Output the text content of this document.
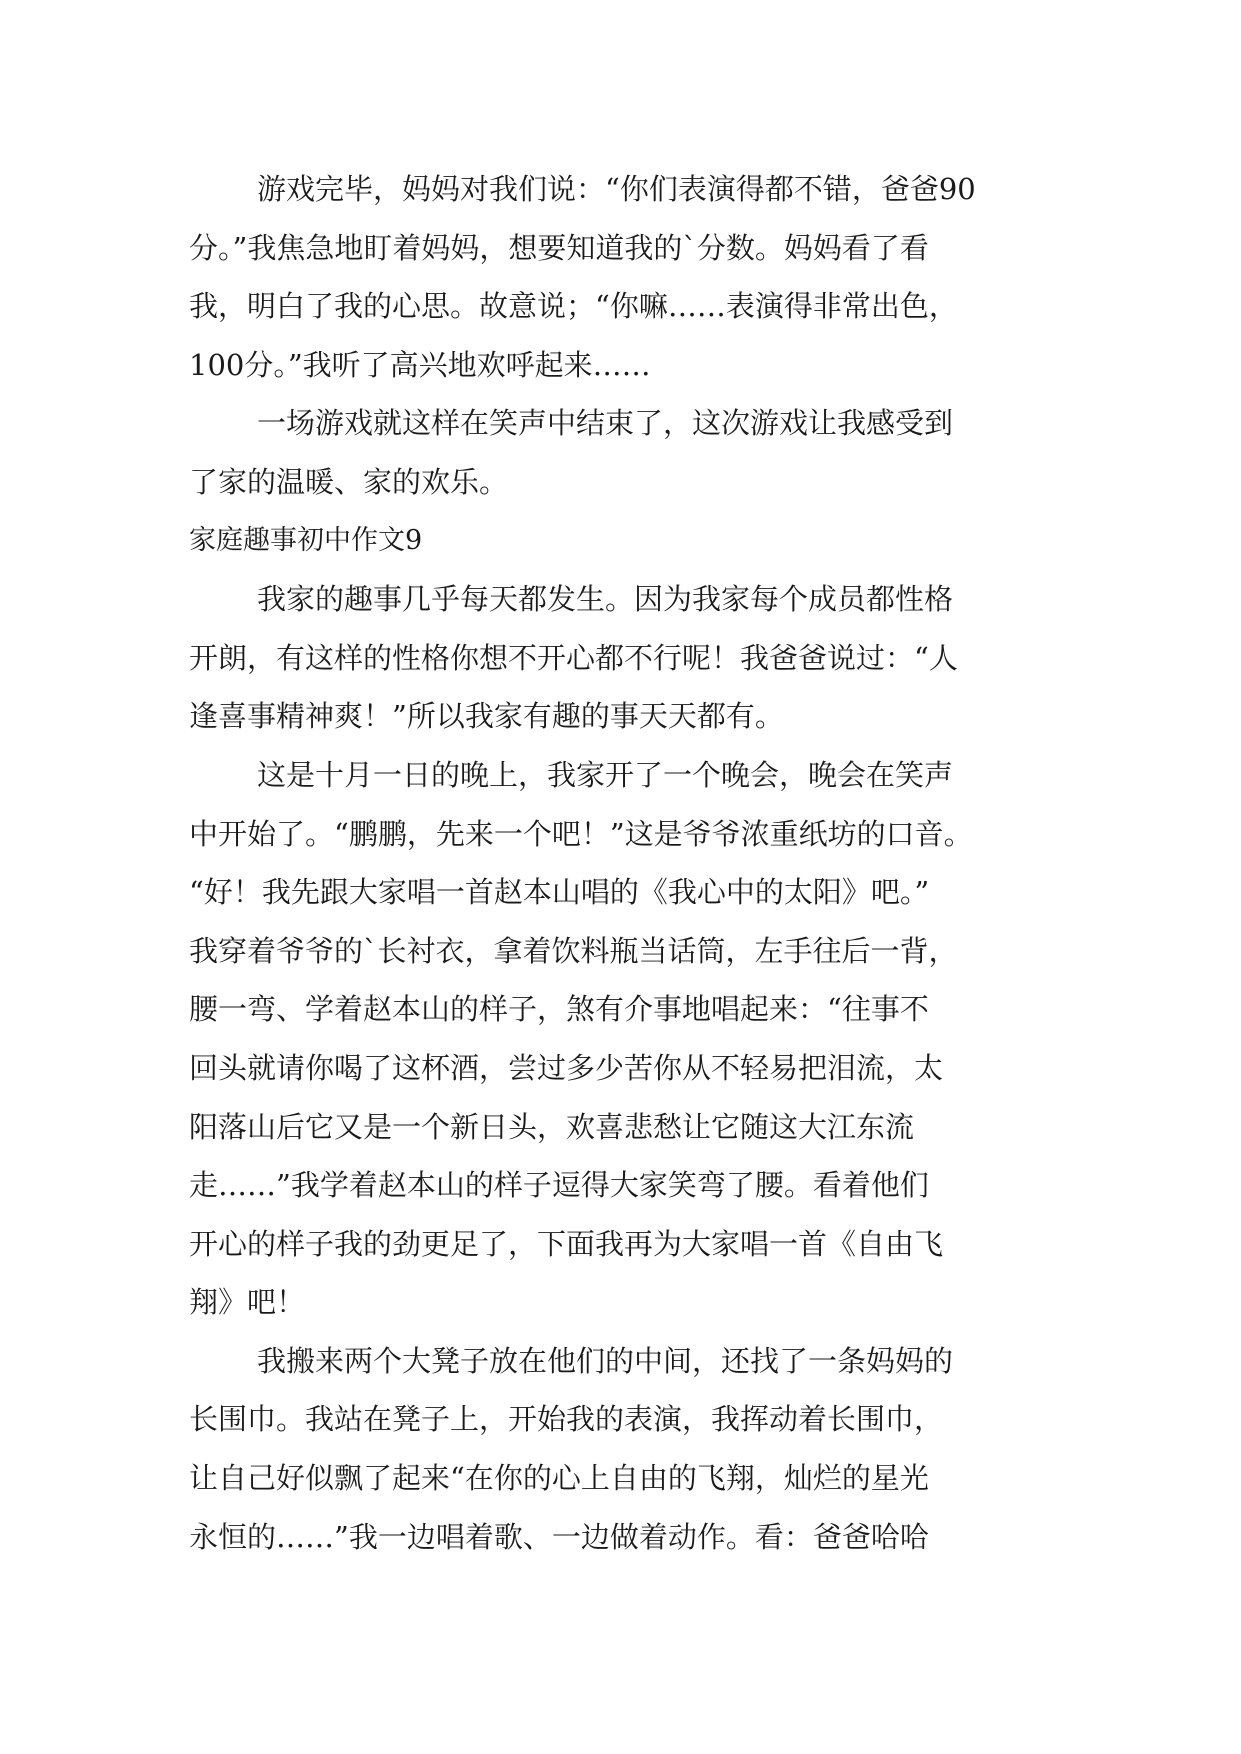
游戏完毕，妈妈对我们说：“你们表演得都不错，爸爸90
分。”我焦急地盯着妈妈，想要知道我的`分数。妈妈看了看
我，明白了我的心思。故意说；“你嘛……表演得非常出色，
100分。”我听了高兴地欢呼起来……
一场游戏就这样在笑声中结束了，这次游戏让我感受到
了家的温暖、家的欢乐。
家庭趣事初中作文9
我家的趣事几乎每天都发生。因为我家每个成员都性格
开朗，有这样的性格你想不开心都不行呢！我爸爸说过：“人
逢喜事精神爽！”所以我家有趣的事天天都有。
这是十月一日的晚上，我家开了一个晚会，晚会在笑声
中开始了。“鹏鹏，先来一个吧！”这是爷爷浓重纸坊的口音。
“好！我先跟大家唱一首赵本山唱的《我心中的太阳》吧。”
我穿着爷爷的`长衬衣，拿着饮料瓶当话筒，左手往后一背，
腰一弯、学着赵本山的样子，煞有介事地唱起来：“往事不
回头就请你喝了这杯酒，尝过多少苦你从不轻易把泪流，太
阳落山后它又是一个新日头，欢喜悲愁让它随这大江东流
走……”我学着赵本山的样子逗得大家笑弯了腰。看着他们
开心的样子我的劲更足了，下面我再为大家唱一首《自由飞
翔》吧！
我搬来两个大凳子放在他们的中间，还找了一条妈妈的
长围巾。我站在凳子上，开始我的表演，我挥动着长围巾，
让自己好似飘了起来“在你的心上自由的飞翔，灿烂的星光
永恒的……”我一边唱着歌、一边做着动作。看：爸爸哈哈
